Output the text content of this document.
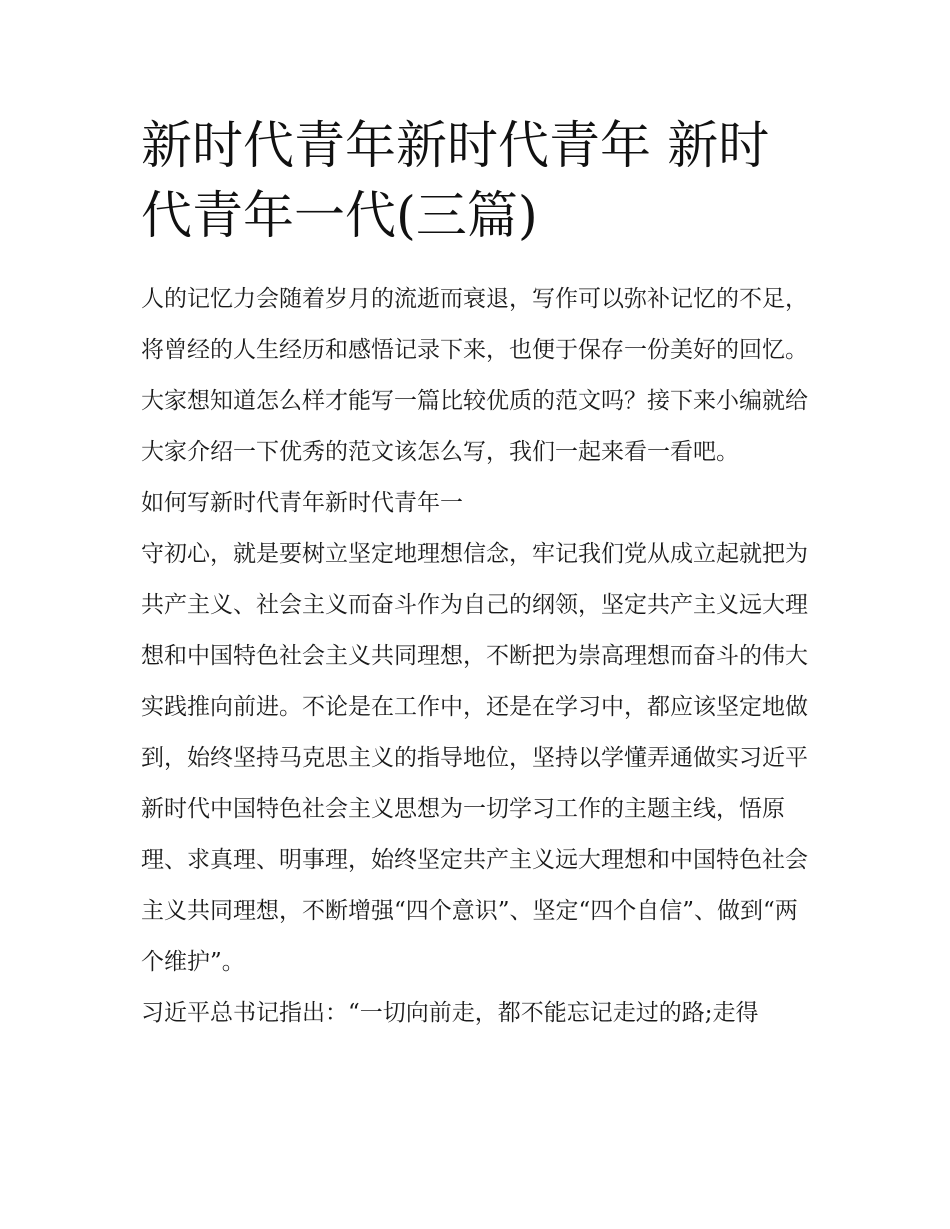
新时代青年新时代青年 新时代青年一代(三篇)

人的记忆力会随着岁月的流逝而衰退，写作可以弥补记忆的不足，将曾经的人生经历和感悟记录下来，也便于保存一份美好的回忆。大家想知道怎么样才能写一篇比较优质的范文吗？接下来小编就给大家介绍一下优秀的范文该怎么写，我们一起来看一看吧。

如何写新时代青年新时代青年一

守初心，就是要树立坚定地理想信念，牢记我们党从成立起就把为共产主义、社会主义而奋斗作为自己的纲领，坚定共产主义远大理想和中国特色社会主义共同理想，不断把为崇高理想而奋斗的伟大实践推向前进。不论是在工作中，还是在学习中，都应该坚定地做到，始终坚持马克思主义的指导地位，坚持以学懂弄通做实习近平新时代中国特色社会主义思想为一切学习工作的主题主线，悟原理、求真理、明事理，始终坚定共产主义远大理想和中国特色社会主义共同理想，不断增强“四个意识”、坚定“四个自信”、做到“两个维护”。

习近平总书记指出：“一切向前走，都不能忘记走过的路;走得
